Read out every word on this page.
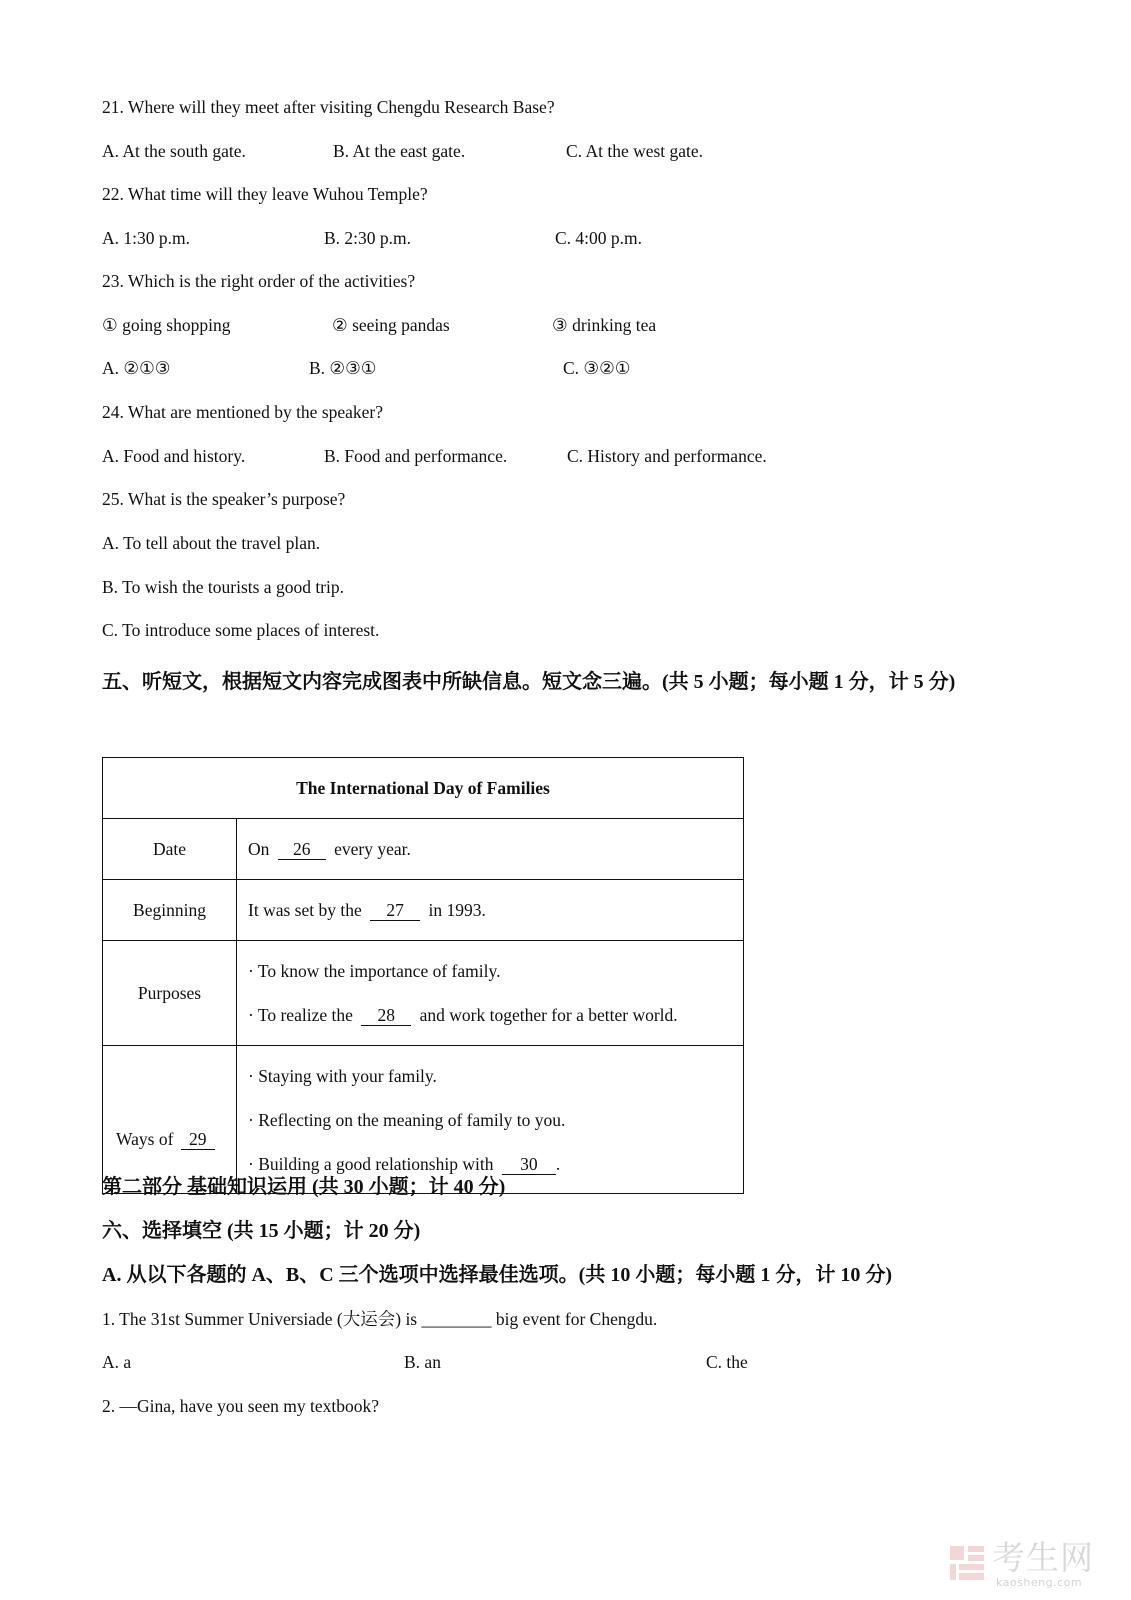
21. Where will they meet after visiting Chengdu Research Base?
A. At the south gate.	B. At the east gate.	C. At the west gate.
22. What time will they leave Wuhou Temple?
A. 1:30 p.m.	B. 2:30 p.m.	C. 4:00 p.m.
23. Which is the right order of the activities?
① going shopping	② seeing pandas	③ drinking tea
A. ②①③	B. ②③①	C. ③②①
24. What are mentioned by the speaker?
A. Food and history.	B. Food and performance.	C. History and performance.
25. What is the speaker’s purpose?
A. To tell about the travel plan.
B. To wish the tourists a good trip.
C. To introduce some places of interest.
五、听短文，根据短文内容完成图表中所缺信息。短文念三遍。(共 5 小题；每小题 1 分，计 5 分)
The International Day of Families	
Date	On 26 every year.
Beginning	It was set by the 27 in 1993.
Purposes	· To know the importance of family.
· To realize the 28 and work together for a better world.

Ways of 29	· Staying with your family.
· Reflecting on the meaning of family to you.
· Building a good relationship with 30 .
第二部分 基础知识运用 (共 30 小题；计 40 分)
六、选择填空 (共 15 小题；计 20 分)
A. 从以下各题的 A、B、C 三个选项中选择最佳选项。(共 10 小题；每小题 1 分，计 10 分)
1. The 31st Summer Universiade (大运会) is ________ big event for Chengdu.
A. a	B. an	C. the
2. —Gina, have you seen my textbook?
考生网
kaosheng.com
